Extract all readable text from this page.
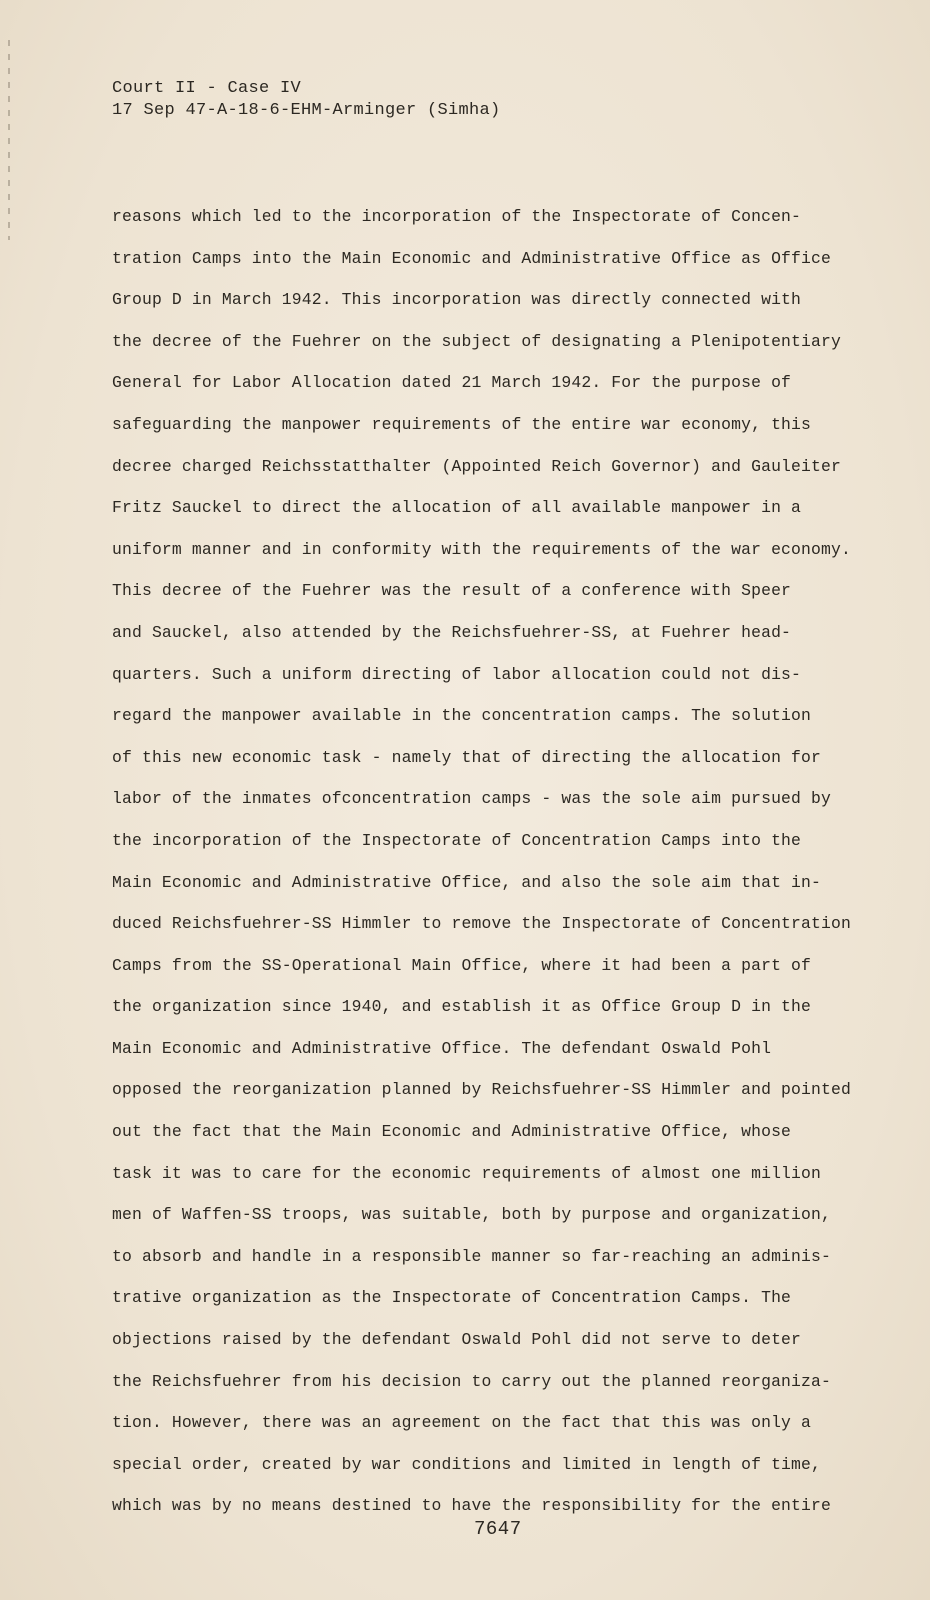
Court II - Case IV
17 Sep 47-A-18-6-EHM-Arminger (Simha)
reasons which led to the incorporation of the Inspectorate of Concen-
tration Camps into the Main Economic and Administrative Office as Office
Group D in March 1942. This incorporation was directly connected with
the decree of the Fuehrer on the subject of designating a Plenipotentiary
General for Labor Allocation dated 21 March 1942. For the purpose of
safeguarding the manpower requirements of the entire war economy, this
decree charged Reichsstatthalter (Appointed Reich Governor) and Gauleiter
Fritz Sauckel to direct the allocation of all available manpower in a
uniform manner and in conformity with the requirements of the war economy.
This decree of the Fuehrer was the result of a conference with Speer
and Sauckel, also attended by the Reichsfuehrer-SS, at Fuehrer head-
quarters. Such a uniform directing of labor allocation could not dis-
regard the manpower available in the concentration camps. The solution
of this new economic task - namely that of directing the allocation for
labor of the inmates ofconcentration camps - was the sole aim pursued by
the incorporation of the Inspectorate of Concentration Camps into the
Main Economic and Administrative Office, and also the sole aim that in-
duced Reichsfuehrer-SS Himmler to remove the Inspectorate of Concentration
Camps from the SS-Operational Main Office, where it had been a part of
the organization since 1940, and establish it as Office Group D in the
Main Economic and Administrative Office. The defendant Oswald Pohl
opposed the reorganization planned by Reichsfuehrer-SS Himmler and pointed
out the fact that the Main Economic and Administrative Office, whose
task it was to care for the economic requirements of almost one million
men of Waffen-SS troops, was suitable, both by purpose and organization,
to absorb and handle in a responsible manner so far-reaching an adminis-
trative organization as the Inspectorate of Concentration Camps. The
objections raised by the defendant Oswald Pohl did not serve to deter
the Reichsfuehrer from his decision to carry out the planned reorganiza-
tion. However, there was an agreement on the fact that this was only a
special order, created by war conditions and limited in length of time,
which was by no means destined to have the responsibility for the entire
7647
